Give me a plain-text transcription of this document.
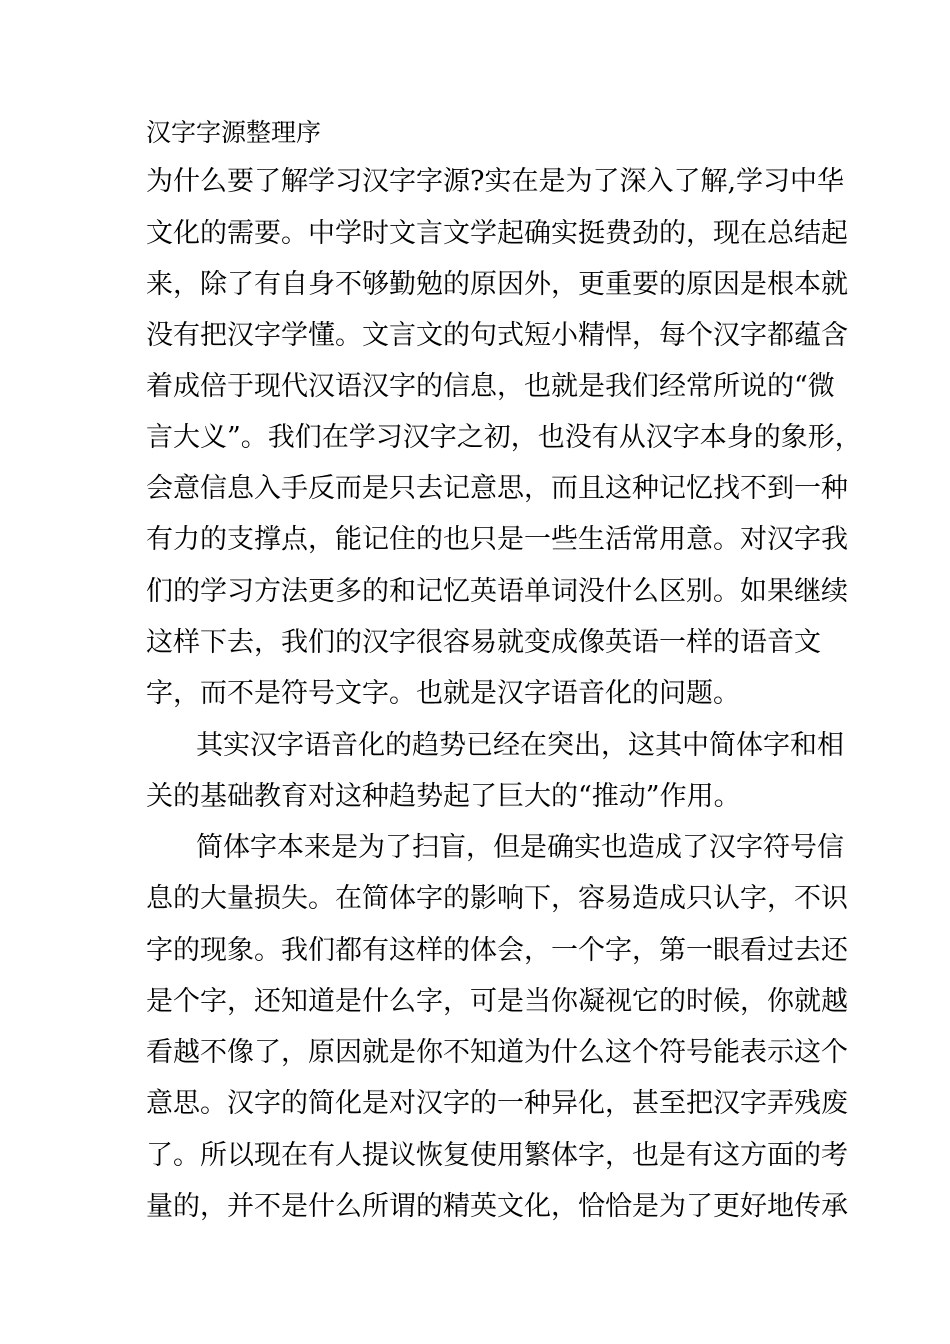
汉字字源整理序
为什么要了解学习汉字字源?实在是为了深入了解,学习中华
文化的需要。中学时文言文学起确实挺费劲的，现在总结起
来，除了有自身不够勤勉的原因外，更重要的原因是根本就
没有把汉字学懂。文言文的句式短小精悍，每个汉字都蕴含
着成倍于现代汉语汉字的信息，也就是我们经常所说的“微
言大义”。我们在学习汉字之初，也没有从汉字本身的象形，
会意信息入手反而是只去记意思，而且这种记忆找不到一种
有力的支撑点，能记住的也只是一些生活常用意。对汉字我
们的学习方法更多的和记忆英语单词没什么区别。如果继续
这样下去，我们的汉字很容易就变成像英语一样的语音文
字，而不是符号文字。也就是汉字语音化的问题。
其实汉字语音化的趋势已经在突出，这其中简体字和相
关的基础教育对这种趋势起了巨大的“推动”作用。
简体字本来是为了扫盲，但是确实也造成了汉字符号信
息的大量损失。在简体字的影响下，容易造成只认字，不识
字的现象。我们都有这样的体会，一个字，第一眼看过去还
是个字，还知道是什么字，可是当你凝视它的时候，你就越
看越不像了，原因就是你不知道为什么这个符号能表示这个
意思。汉字的简化是对汉字的一种异化，甚至把汉字弄残废
了。所以现在有人提议恢复使用繁体字，也是有这方面的考
量的，并不是什么所谓的精英文化，恰恰是为了更好地传承
